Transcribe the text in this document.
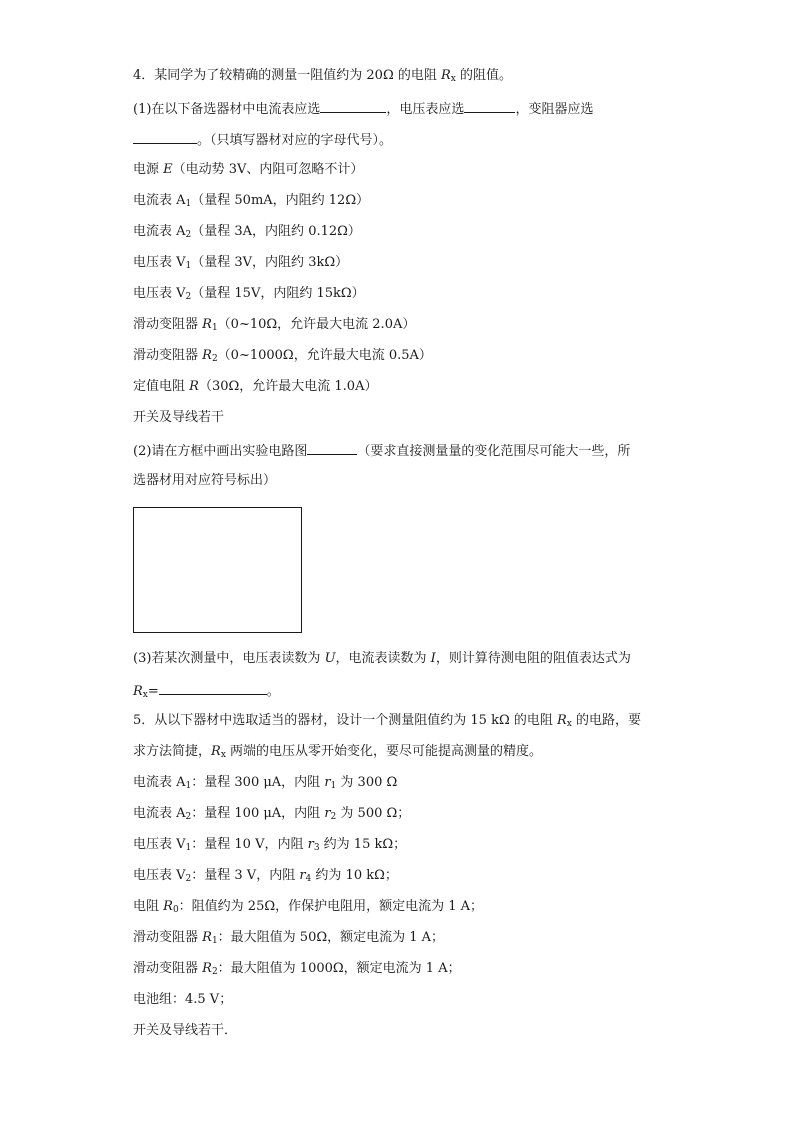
4．某同学为了较精确的测量一阻值约为 20Ω 的电阻 $R_x$ 的阻值。
(1)在以下备选器材中电流表应选	，电压表应选	，变阻器应选
。（只填写器材对应的字母代号）。
电源 E（电动势 3V、内阻可忽略不计）
电流表 $A_1$（量程 50mA，内阻约 12Ω）
电流表 $A_2$（量程 3A，内阻约 0.12Ω）
电压表 $V_1$（量程 3V，内阻约 3kΩ）
电压表 $V_2$（量程 15V，内阻约 15kΩ）
滑动变阻器 $R_1(0\sim 10\Omega$，允许最大电流 2.0A）
滑动变阻器 $R_2(0\sim 1000\Omega$，允许最大电流 0.5A）
定值电阻 R（30Ω，允许最大电流 1.0A）
开关及导线若干
(2)请在方框中画出实验电路图	（要求直接测量量的变化范围尽可能大一些，所
选器材用对应符号标出）
(3)若某次测量中，电压表读数为 U，电流表读数为 I，则计算待测电阻的阻值表达式为
$R_x=$	。
5．从以下器材中选取适当的器材，设计一个测量阻值约为 15 kΩ 的电阻 $R_x$ 的电路，要
求方法简捷，$R_x$ 两端的电压从零开始变化，要尽可能提高测量的精度。
电流表 $A_1$：量程 300 μA，内阻 $r_1$ 为 300 Ω
电流表 $A_2$：量程 100 μA，内阻 $r_2$ 为 500 Ω；
电压表 $V_1$：量程 10 V，内阻 $r_3$ 约为 15 kΩ；
电压表 $V_2$：量程 3 V，内阻 $r_4$ 约为 10 kΩ；
电阻 $R_0$：阻值约为 25Ω，作保护电阻用，额定电流为 1 A；
滑动变阻器 $R_1$：最大阻值为 50Ω，额定电流为 1 A；
滑动变阻器 $R_2$：最大阻值为 1000Ω，额定电流为 1 A；
电池组：4.5 V；
开关及导线若干．
